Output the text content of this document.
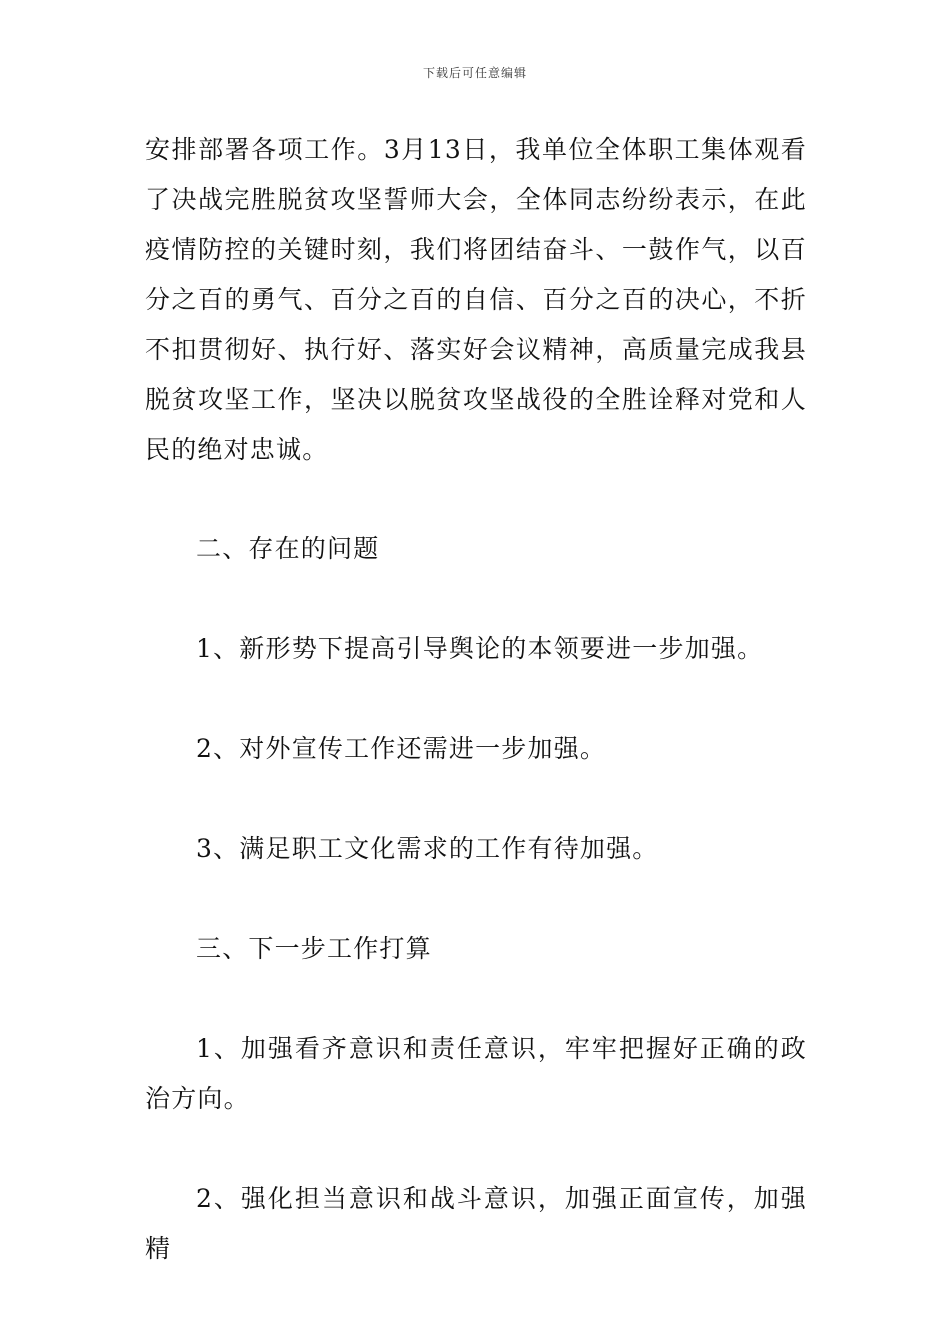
下载后可任意编辑

安排部署各项工作。3月13日，我单位全体职工集体观看了决战完胜脱贫攻坚誓师大会，全体同志纷纷表示，在此疫情防控的关键时刻，我们将团结奋斗、一鼓作气，以百分之百的勇气、百分之百的自信、百分之百的决心，不折不扣贯彻好、执行好、落实好会议精神，高质量完成我县脱贫攻坚工作，坚决以脱贫攻坚战役的全胜诠释对党和人民的绝对忠诚。

二、存在的问题

1、新形势下提高引导舆论的本领要进一步加强。

2、对外宣传工作还需进一步加强。

3、满足职工文化需求的工作有待加强。

三、下一步工作打算

1、加强看齐意识和责任意识，牢牢把握好正确的政治方向。

2、强化担当意识和战斗意识，加强正面宣传，加强精
